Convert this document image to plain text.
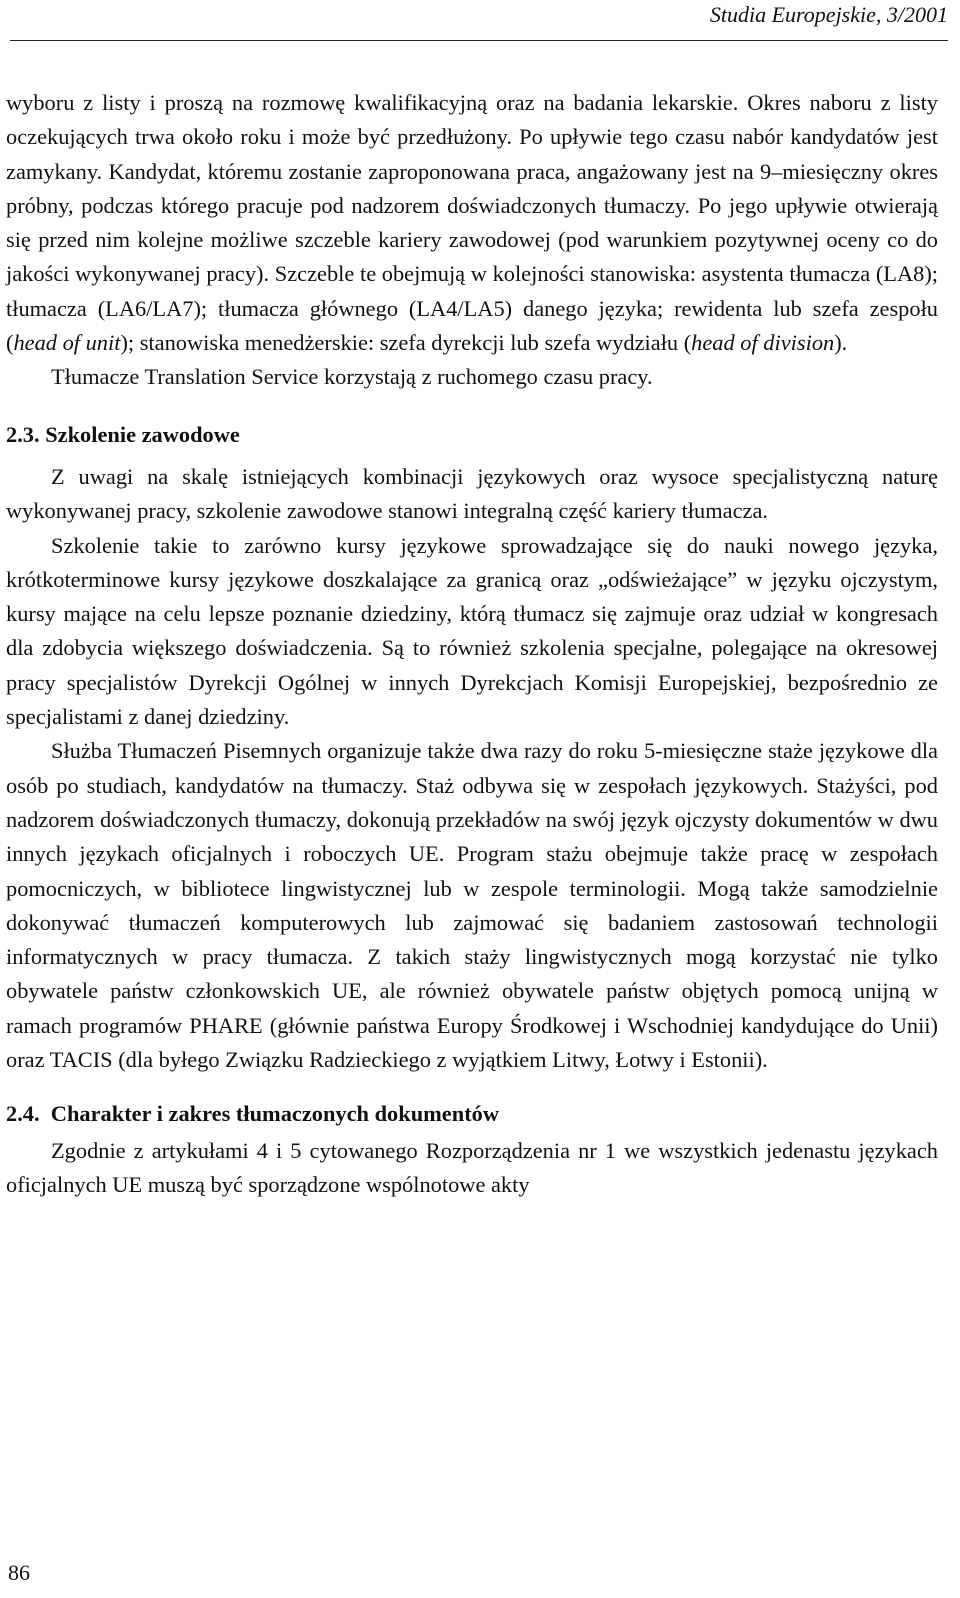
Studia Europejskie, 3/2001

wyboru z listy i proszą na rozmowę kwalifikacyjną oraz na badania lekarskie. Okres naboru z listy oczekujących trwa około roku i może być przedłużony. Po upływie tego czasu nabór kandydatów jest zamykany. Kandydat, któremu zostanie zaproponowana praca, angażowany jest na 9–miesięczny okres próbny, podczas którego pracuje pod nadzorem doświadczonych tłumaczy. Po jego upływie otwierają się przed nim kolejne możliwe szczeble kariery zawodowej (pod warunkiem pozytywnej oceny co do jakości wykonywanej pracy). Szczeble te obejmują w kolejności stanowiska: asystenta tłumacza (LA8); tłumacza (LA6/LA7); tłumacza głównego (LA4/LA5) danego języka; rewidenta lub szefa zespołu (head of unit); stanowiska menedżerskie: szefa dyrekcji lub szefa wydziału (head of division).

Tłumacze Translation Service korzystają z ruchomego czasu pracy.

2.3. Szkolenie zawodowe

Z uwagi na skalę istniejących kombinacji językowych oraz wysoce specjalistyczną naturę wykonywanej pracy, szkolenie zawodowe stanowi integralną część kariery tłumacza.

Szkolenie takie to zarówno kursy językowe sprowadzające się do nauki nowego języka, krótkoterminowe kursy językowe doszkalające za granicą oraz „odświeżające” w języku ojczystym, kursy mające na celu lepsze poznanie dziedziny, którą tłumacz się zajmuje oraz udział w kongresach dla zdobycia większego doświadczenia. Są to również szkolenia specjalne, polegające na okresowej pracy specjalistów Dyrekcji Ogólnej w innych Dyrekcjach Komisji Europejskiej, bezpośrednio ze specjalistami z danej dziedziny.

Służba Tłumaczeń Pisemnych organizuje także dwa razy do roku 5-miesięczne staże językowe dla osób po studiach, kandydatów na tłumaczy. Staż odbywa się w zespołach językowych. Stażyści, pod nadzorem doświadczonych tłumaczy, dokonują przekładów na swój język ojczysty dokumentów w dwu innych językach oficjalnych i roboczych UE. Program stażu obejmuje także pracę w zespołach pomocniczych, w bibliotece lingwistycznej lub w zespole terminologii. Mogą także samodzielnie dokonywać tłumaczeń komputerowych lub zajmować się badaniem zastosowań technologii informatycznych w pracy tłumacza. Z takich staży lingwistycznych mogą korzystać nie tylko obywatele państw członkowskich UE, ale również obywatele państw objętych pomocą unijną w ramach programów PHARE (głównie państwa Europy Środkowej i Wschodniej kandydujące do Unii) oraz TACIS (dla byłego Związku Radzieckiego z wyjątkiem Litwy, Łotwy i Estonii).

2.4. Charakter i zakres tłumaczonych dokumentów

Zgodnie z artykułami 4 i 5 cytowanego Rozporządzenia nr 1 we wszystkich jedenastu językach oficjalnych UE muszą być sporządzone wspólnotowe akty

86
